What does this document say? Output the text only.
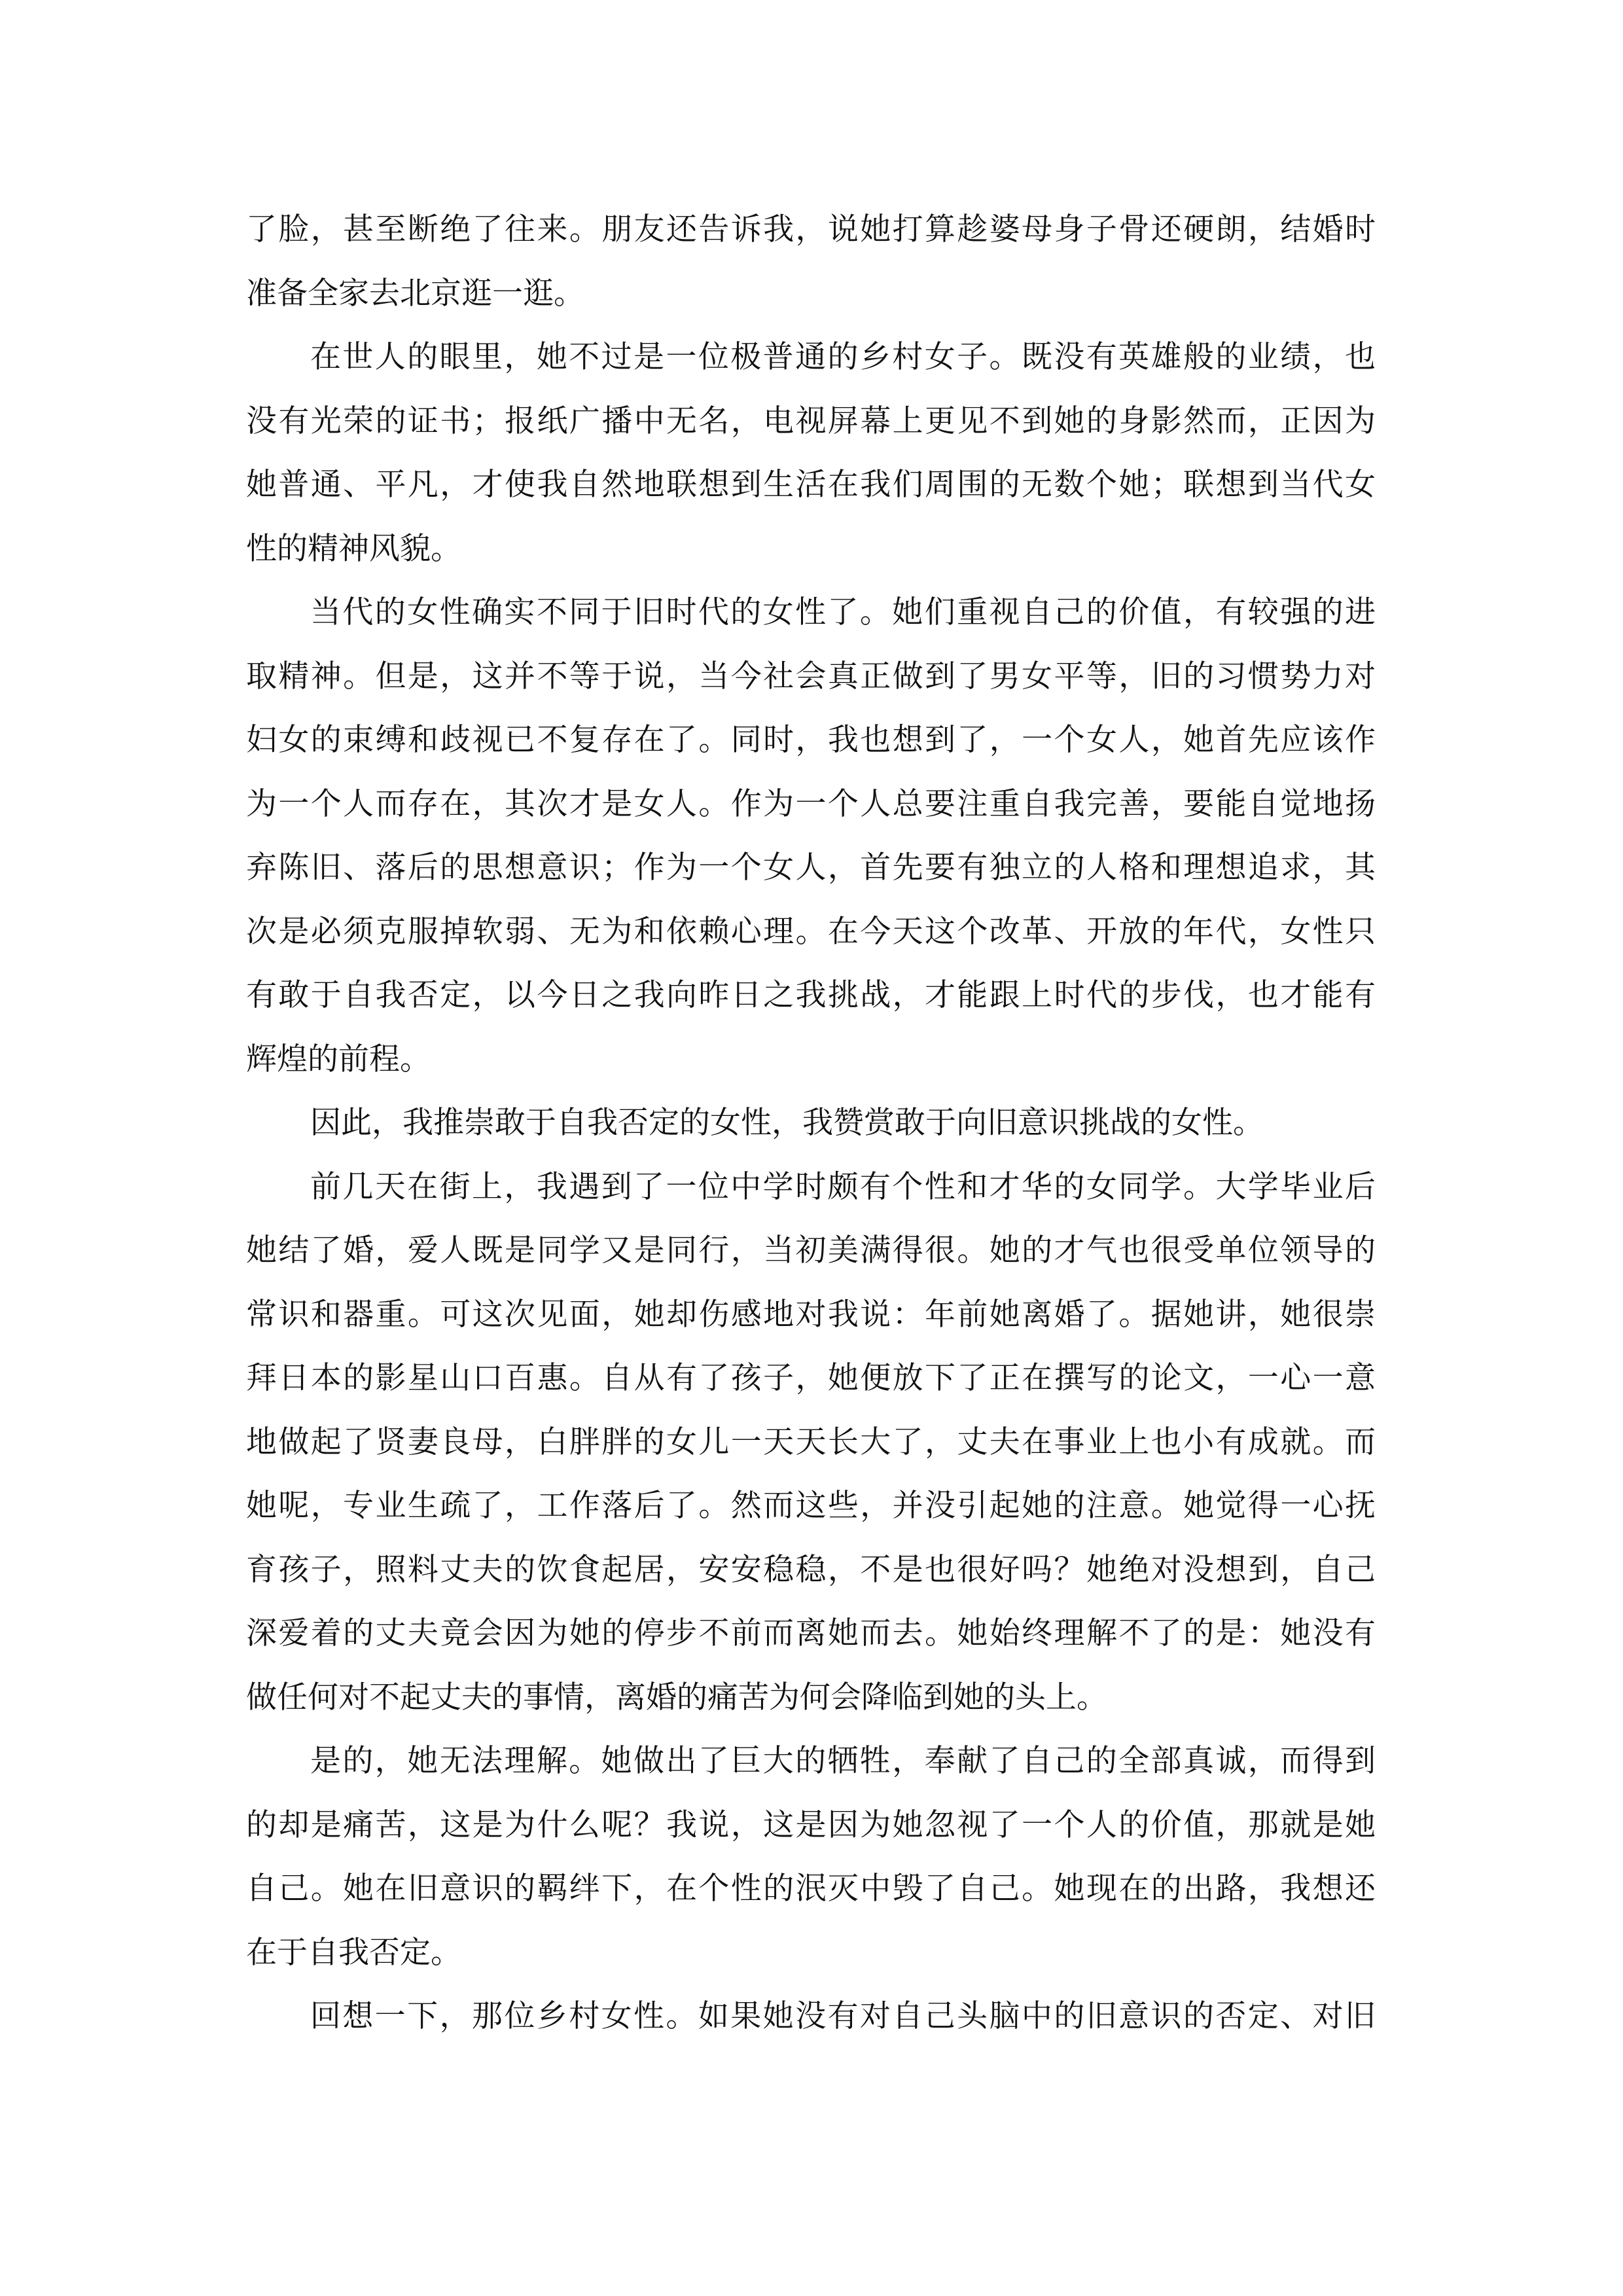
了脸，甚至断绝了往来。朋友还告诉我，说她打算趁婆母身子骨还硬朗，结婚时
准备全家去北京逛一逛。
在世人的眼里，她不过是一位极普通的乡村女子。既没有英雄般的业绩，也
没有光荣的证书；报纸广播中无名，电视屏幕上更见不到她的身影然而，正因为
她普通、平凡，才使我自然地联想到生活在我们周围的无数个她；联想到当代女
性的精神风貌。
当代的女性确实不同于旧时代的女性了。她们重视自己的价值，有较强的进
取精神。但是，这并不等于说，当今社会真正做到了男女平等，旧的习惯势力对
妇女的束缚和歧视已不复存在了。同时，我也想到了，一个女人，她首先应该作
为一个人而存在，其次才是女人。作为一个人总要注重自我完善，要能自觉地扬
弃陈旧、落后的思想意识；作为一个女人，首先要有独立的人格和理想追求，其
次是必须克服掉软弱、无为和依赖心理。在今天这个改革、开放的年代，女性只
有敢于自我否定，以今日之我向昨日之我挑战，才能跟上时代的步伐，也才能有
辉煌的前程。
因此，我推崇敢于自我否定的女性，我赞赏敢于向旧意识挑战的女性。
前几天在街上，我遇到了一位中学时颇有个性和才华的女同学。大学毕业后
她结了婚，爱人既是同学又是同行，当初美满得很。她的才气也很受单位领导的
常识和器重。可这次见面，她却伤感地对我说：年前她离婚了。据她讲，她很崇
拜日本的影星山口百惠。自从有了孩子，她便放下了正在撰写的论文，一心一意
地做起了贤妻良母，白胖胖的女儿一天天长大了，丈夫在事业上也小有成就。而
她呢，专业生疏了，工作落后了。然而这些，并没引起她的注意。她觉得一心抚
育孩子，照料丈夫的饮食起居，安安稳稳，不是也很好吗？她绝对没想到，自己
深爱着的丈夫竟会因为她的停步不前而离她而去。她始终理解不了的是：她没有
做任何对不起丈夫的事情，离婚的痛苦为何会降临到她的头上。
是的，她无法理解。她做出了巨大的牺牲，奉献了自己的全部真诚，而得到
的却是痛苦，这是为什么呢？我说，这是因为她忽视了一个人的价值，那就是她
自己。她在旧意识的羁绊下，在个性的泯灭中毁了自己。她现在的出路，我想还
在于自我否定。
回想一下，那位乡村女性。如果她没有对自己头脑中的旧意识的否定、对旧
